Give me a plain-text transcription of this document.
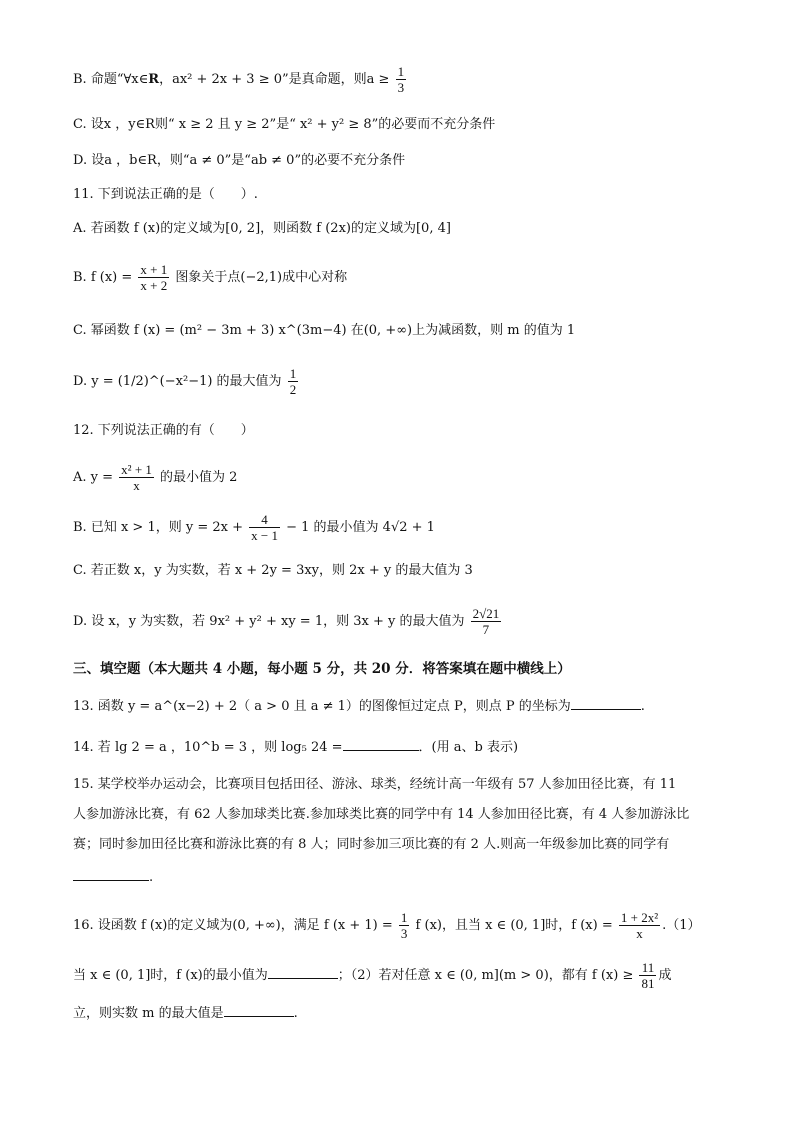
B. 命题“∀x∈R，ax² + 2x + 3 ≥ 0”是真命题，则$a \ge \frac{1}{3}$
C. 设x ，y∈R则“ x ≥ 2 且 y ≥ 2”是“ x² + y² ≥ 8”的必要而不充分条件
D. 设a ，b∈R，则“a ≠ 0”是“ab ≠ 0”的必要不充分条件
11. 下到说法正确的是（　　）.
A. 若函数 f (x)的定义域为[0, 2]，则函数 f (2x)的定义域为[0, 4]
B. f $(x) = \frac{x + 1}{x + 2}$ 图象关于点(−2,1)成中心对称
C. 幂函数 f (x) = (m² − 3m + 3) x^(3m−4) 在(0, +∞)上为减函数，则 m 的值为 1
D. y = (1/2)^(−x²−1) 的最大值为 $\frac{1}{2}$
12. 下列说法正确的有（　　）
A. $y = \frac{\text{x² + 1}}{x}$ 的最小值为 2
B. 已知 x > 1，则 $y = 2x + \frac{4}{x - 1} - 1$ 的最小值为 4√2 + 1
C. 若正数 x，y 为实数，若 x + 2y = 3xy，则 2x + y 的最大值为 3
D. 设 x，y 为实数，若 9x² + y² + xy = 1，则 3x + y 的最大值为 $\frac{2√21}{7}$
三、填空题（本大题共 4 小题，每小题 5 分，共 20 分．将答案填在题中横线上）
13. 函数 y = a^(x−2) + 2（ a > 0 且 a ≠ 1）的图像恒过定点 P，则点 P 的坐标为	.
14. 若 lg 2 = a ，10^b = 3 ，则 log₅ 24 =	．(用 a、b 表示)
15. 某学校举办运动会，比赛项目包括田径、游泳、球类，经统计高一年级有 57 人参加田径比赛，有 11
人参加游泳比赛，有 62 人参加球类比赛.参加球类比赛的同学中有 14 人参加田径比赛，有 4 人参加游泳比
赛；同时参加田径比赛和游泳比赛的有 8 人；同时参加三项比赛的有 2 人.则高一年级参加比赛的同学有
.
16. 设函数 f (x)的定义域为(0, +∞)，满足 f $(x + 1) = \frac{1}{3}$ f (x)，且当 x ∈ (0, 1]时，f $(x) = \frac{\text{1 + 2x²}}{x} .(1)$
当 x ∈ (0, 1]时，f (x)的最小值为	；（2）若对任意 x ∈ (0, m](m > 0)，都有 f $(x) \ge \frac{11}{81}$ 成
立，则实数 m 的最大值是	.
